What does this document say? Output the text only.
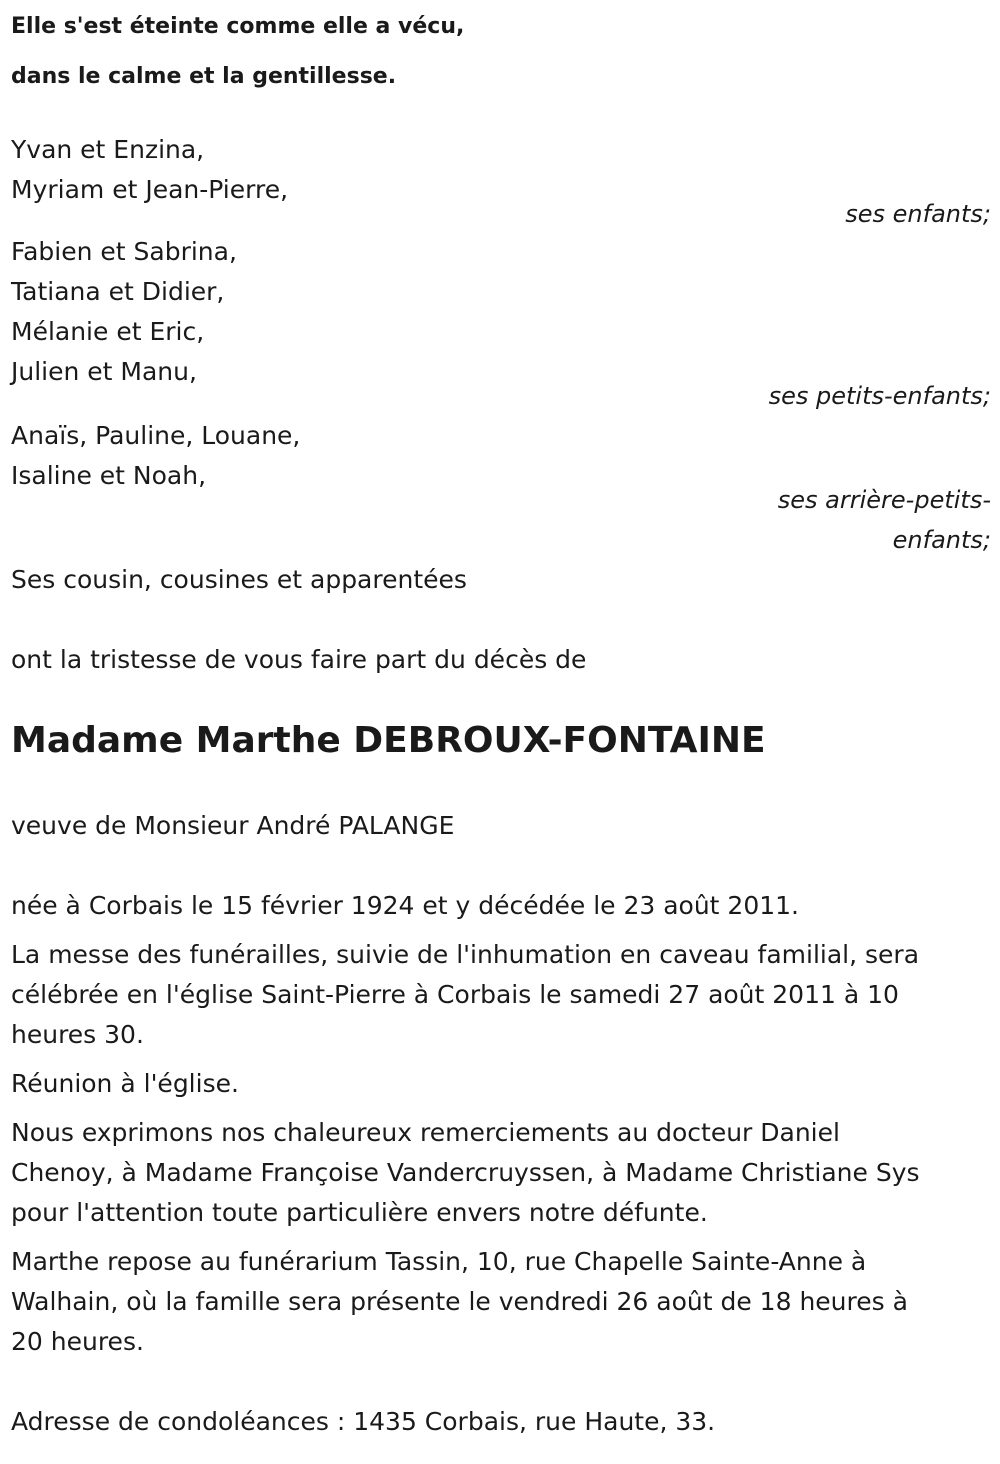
Elle s'est éteinte comme elle a vécu,
dans le calme et la gentillesse.
Yvan et Enzina,
Myriam et Jean-Pierre,
ses enfants;
Fabien et Sabrina,
Tatiana et Didier,
Mélanie et Eric,
Julien et Manu,
ses petits-enfants;
Anaïs, Pauline, Louane,
Isaline et Noah,
ses arrière-petits-
enfants;
Ses cousin, cousines et apparentées
ont la tristesse de vous faire part du décès de
Madame Marthe DEBROUX-FONTAINE
veuve de Monsieur André PALANGE
née à Corbais le 15 février 1924 et y décédée le 23 août 2011.
La messe des funérailles, suivie de l'inhumation en caveau familial, sera
célébrée en l'église Saint-Pierre à Corbais le samedi 27 août 2011 à 10
heures 30.
Réunion à l'église.
Nous exprimons nos chaleureux remerciements au docteur Daniel
Chenoy, à Madame Françoise Vandercruyssen, à Madame Christiane Sys
pour l'attention toute particulière envers notre défunte.
Marthe repose au funérarium Tassin, 10, rue Chapelle Sainte-Anne à
Walhain, où la famille sera présente le vendredi 26 août de 18 heures à
20 heures.
Adresse de condoléances : 1435 Corbais, rue Haute, 33.
